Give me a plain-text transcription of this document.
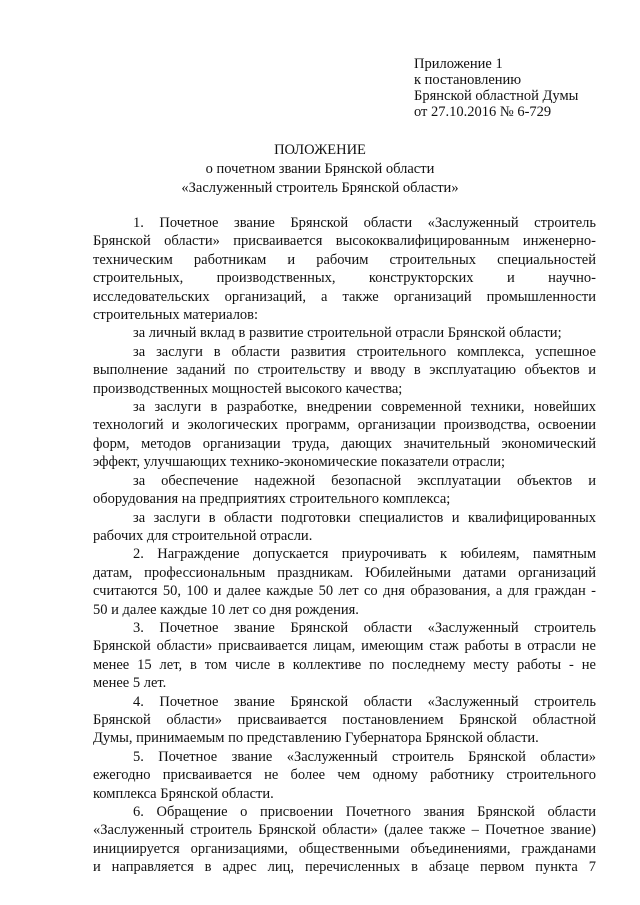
Приложение 1
к постановлению
Брянской областной Думы
от 27.10.2016 № 6-729
ПОЛОЖЕНИЕ
о почетном звании Брянской области
«Заслуженный строитель Брянской области»
1. Почетное звание Брянской области «Заслуженный строитель
Брянской области» присваивается высококвалифицированным инженерно-
техническим работникам и рабочим строительных специальностей
строительных, производственных, конструкторских и научно-
исследовательских организаций, а также организаций промышленности
строительных материалов:
за личный вклад в развитие строительной отрасли Брянской области;
за заслуги в области развития строительного комплекса, успешное
выполнение заданий по строительству и вводу в эксплуатацию объектов и
производственных мощностей высокого качества;
за заслуги в разработке, внедрении современной техники, новейших
технологий и экологических программ, организации производства, освоении
форм, методов организации труда, дающих значительный экономический
эффект, улучшающих технико-экономические показатели отрасли;
за обеспечение надежной безопасной эксплуатации объектов и
оборудования на предприятиях строительного комплекса;
за заслуги в области подготовки специалистов и квалифицированных
рабочих для строительной отрасли.
2. Награждение допускается приурочивать к юбилеям, памятным
датам, профессиональным праздникам. Юбилейными датами организаций
считаются 50, 100 и далее каждые 50 лет со дня образования, а для граждан -
50 и далее каждые 10 лет со дня рождения.
3. Почетное звание Брянской области «Заслуженный строитель
Брянской области» присваивается лицам, имеющим стаж работы в отрасли не
менее 15 лет, в том числе в коллективе по последнему месту работы - не
менее 5 лет.
4. Почетное звание Брянской области «Заслуженный строитель
Брянской области» присваивается постановлением Брянской областной
Думы, принимаемым по представлению Губернатора Брянской области.
5. Почетное звание «Заслуженный строитель Брянской области»
ежегодно присваивается не более чем одному работнику строительного
комплекса Брянской области.
6. Обращение о присвоении Почетного звания Брянской области
«Заслуженный строитель Брянской области» (далее также – Почетное звание)
инициируется организациями, общественными объединениями, гражданами
и направляется в адрес лиц, перечисленных в абзаце первом пункта 7
